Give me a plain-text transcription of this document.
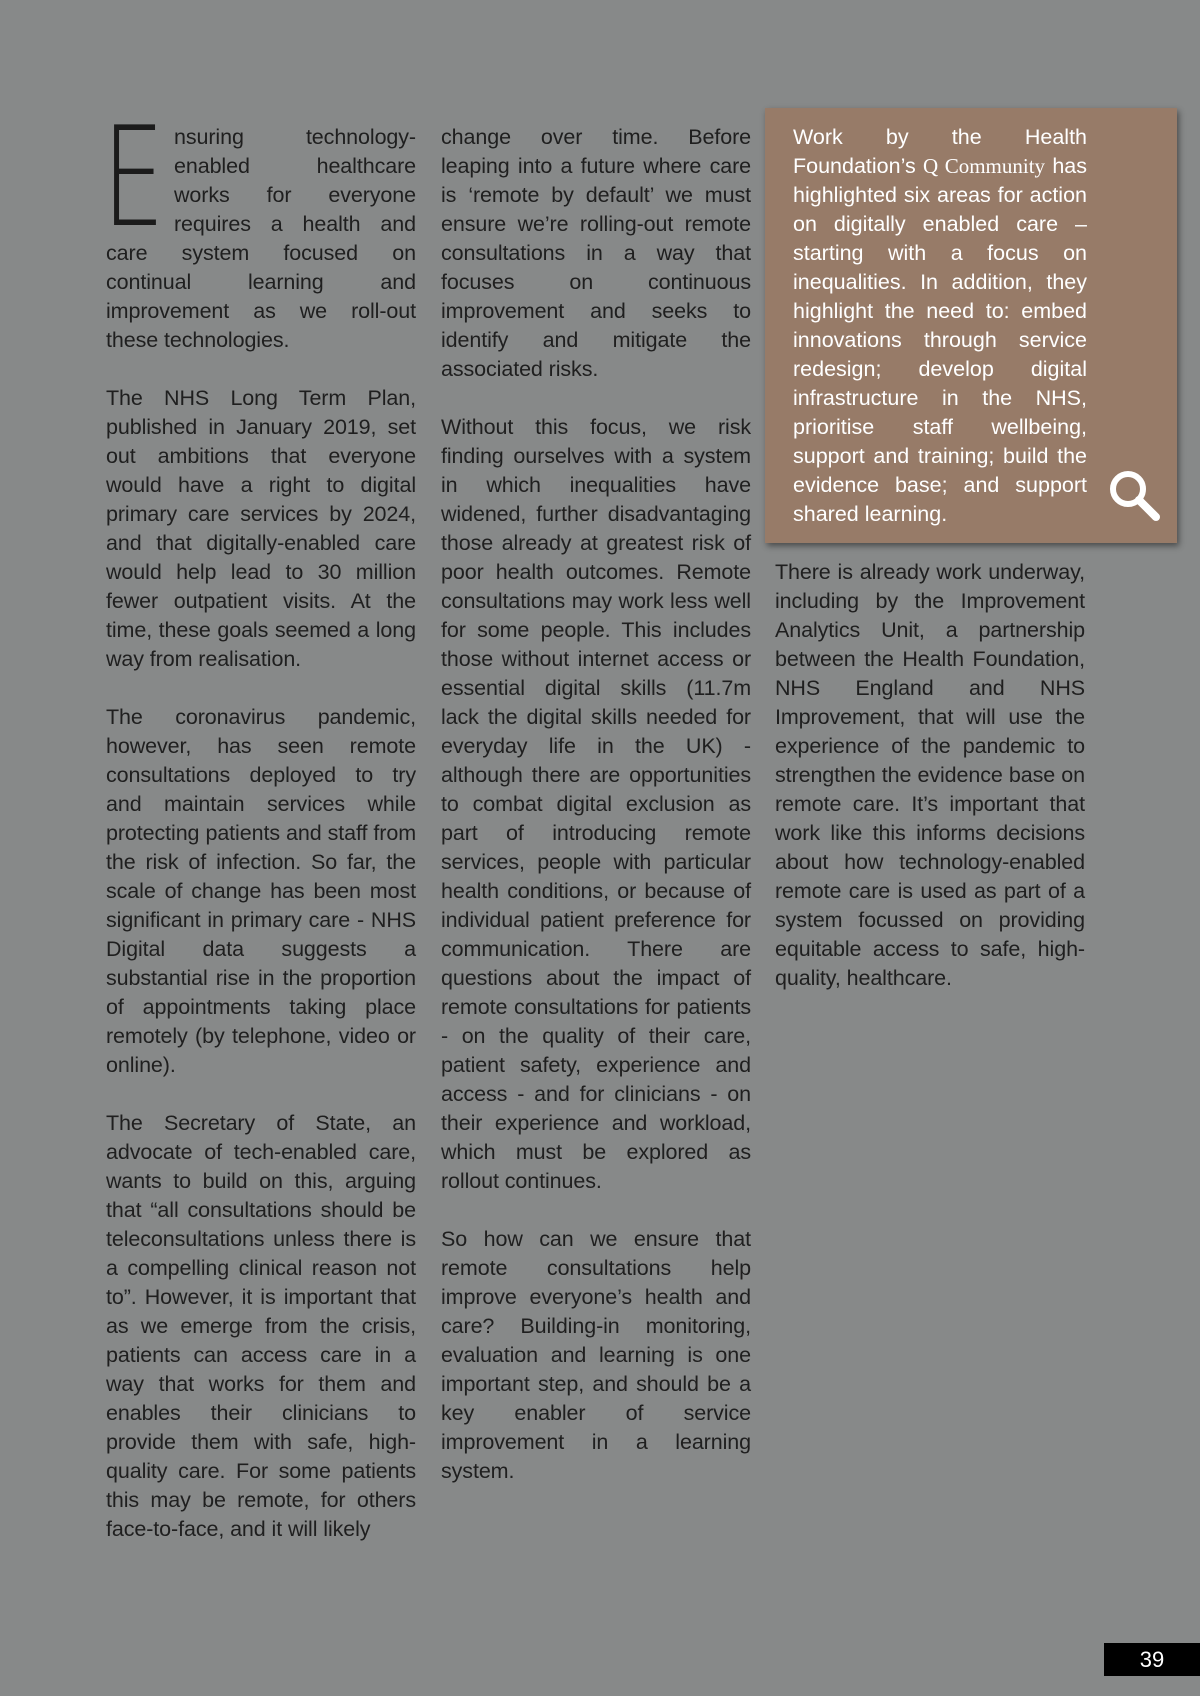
Ensuring technology-enabled healthcare works for everyone requires a health and care system focused on continual learning and improvement as we roll-out these technologies.

The NHS Long Term Plan, published in January 2019, set out ambitions that everyone would have a right to digital primary care services by 2024, and that digitally-enabled care would help lead to 30 million fewer outpatient visits. At the time, these goals seemed a long way from realisation.

The coronavirus pandemic, however, has seen remote consultations deployed to try and maintain services while protecting patients and staff from the risk of infection. So far, the scale of change has been most significant in primary care - NHS Digital data suggests a substantial rise in the proportion of appointments taking place remotely (by telephone, video or online).

The Secretary of State, an advocate of tech-enabled care, wants to build on this, arguing that “all consultations should be teleconsultations unless there is a compelling clinical reason not to”. However, it is important that as we emerge from the crisis, patients can access care in a way that works for them and enables their clinicians to provide them with safe, high-quality care. For some patients this may be remote, for others face-to-face, and it will likely

change over time. Before leaping into a future where care is ‘remote by default’ we must ensure we’re rolling-out remote consultations in a way that focuses on continuous improvement and seeks to identify and mitigate the associated risks.

Without this focus, we risk finding ourselves with a system in which inequalities have widened, further disadvantaging those already at greatest risk of poor health outcomes. Remote consultations may work less well for some people. This includes those without internet access or essential digital skills (11.7m lack the digital skills needed for everyday life in the UK) - although there are opportunities to combat digital exclusion as part of introducing remote services, people with particular health conditions, or because of individual patient preference for communication. There are questions about the impact of remote consultations for patients - on the quality of their care, patient safety, experience and access - and for clinicians - on their experience and workload, which must be explored as rollout continues.

So how can we ensure that remote consultations help improve everyone’s health and care? Building-in monitoring, evaluation and learning is one important step, and should be a key enabler of service improvement in a learning system.

Work by the Health Foundation’s Q Community has highlighted six areas for action on digitally enabled care – starting with a focus on inequalities. In addition, they highlight the need to: embed innovations through service redesign; develop digital infrastructure in the NHS, prioritise staff wellbeing, support and training; build the evidence base; and support shared learning.

There is already work underway, including by the Improvement Analytics Unit, a partnership between the Health Foundation, NHS England and NHS Improvement, that will use the experience of the pandemic to strengthen the evidence base on remote care. It’s important that work like this informs decisions about how technology-enabled remote care is used as part of a system focussed on providing equitable access to safe, high-quality, healthcare.

39
